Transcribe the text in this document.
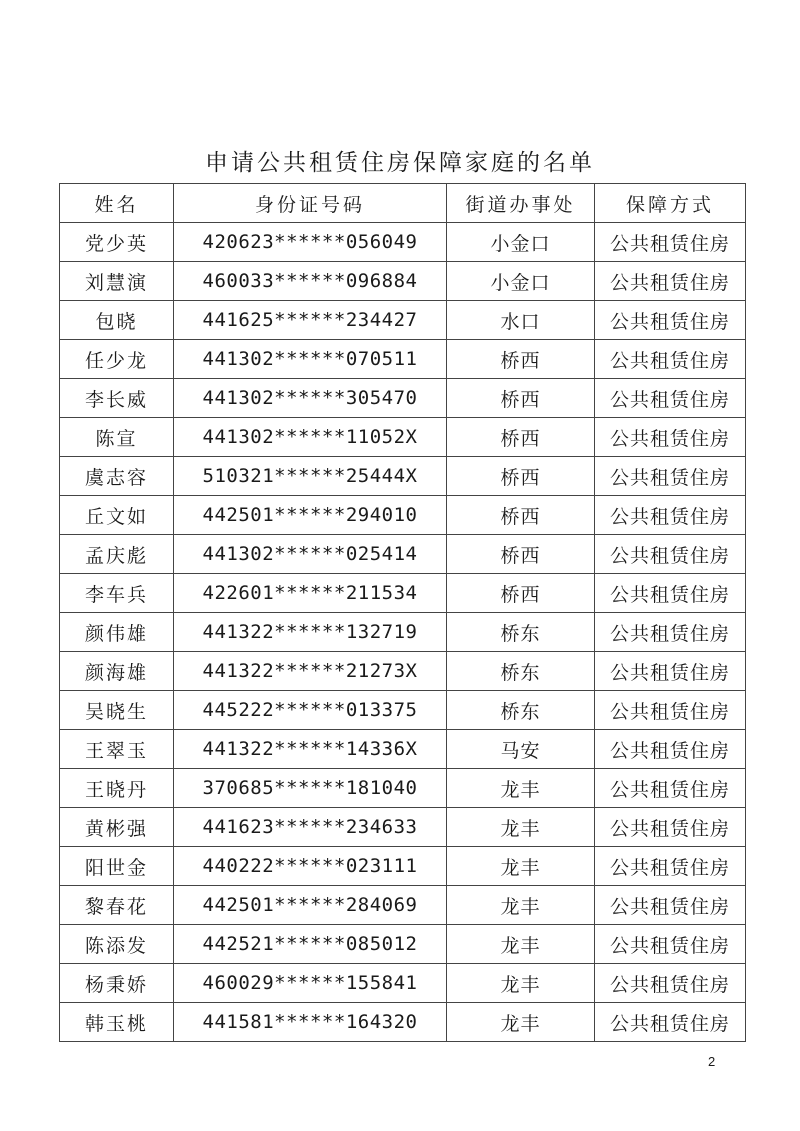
申请公共租赁住房保障家庭的名单
姓名	身份证号码	街道办事处	保障方式
党少英	420623******056049	小金口	公共租赁住房
刘慧演	460033******096884	小金口	公共租赁住房
包晓	441625******234427	水口	公共租赁住房
任少龙	441302******070511	桥西	公共租赁住房
李长威	441302******305470	桥西	公共租赁住房
陈宣	441302******11052X	桥西	公共租赁住房
虞志容	510321******25444X	桥西	公共租赁住房
丘文如	442501******294010	桥西	公共租赁住房
孟庆彪	441302******025414	桥西	公共租赁住房
李车兵	422601******211534	桥西	公共租赁住房
颜伟雄	441322******132719	桥东	公共租赁住房
颜海雄	441322******21273X	桥东	公共租赁住房
吴晓生	445222******013375	桥东	公共租赁住房
王翠玉	441322******14336X	马安	公共租赁住房
王晓丹	370685******181040	龙丰	公共租赁住房
黄彬强	441623******234633	龙丰	公共租赁住房
阳世金	440222******023111	龙丰	公共租赁住房
黎春花	442501******284069	龙丰	公共租赁住房
陈添发	442521******085012	龙丰	公共租赁住房
杨秉娇	460029******155841	龙丰	公共租赁住房
韩玉桃	441581******164320	龙丰	公共租赁住房
2
